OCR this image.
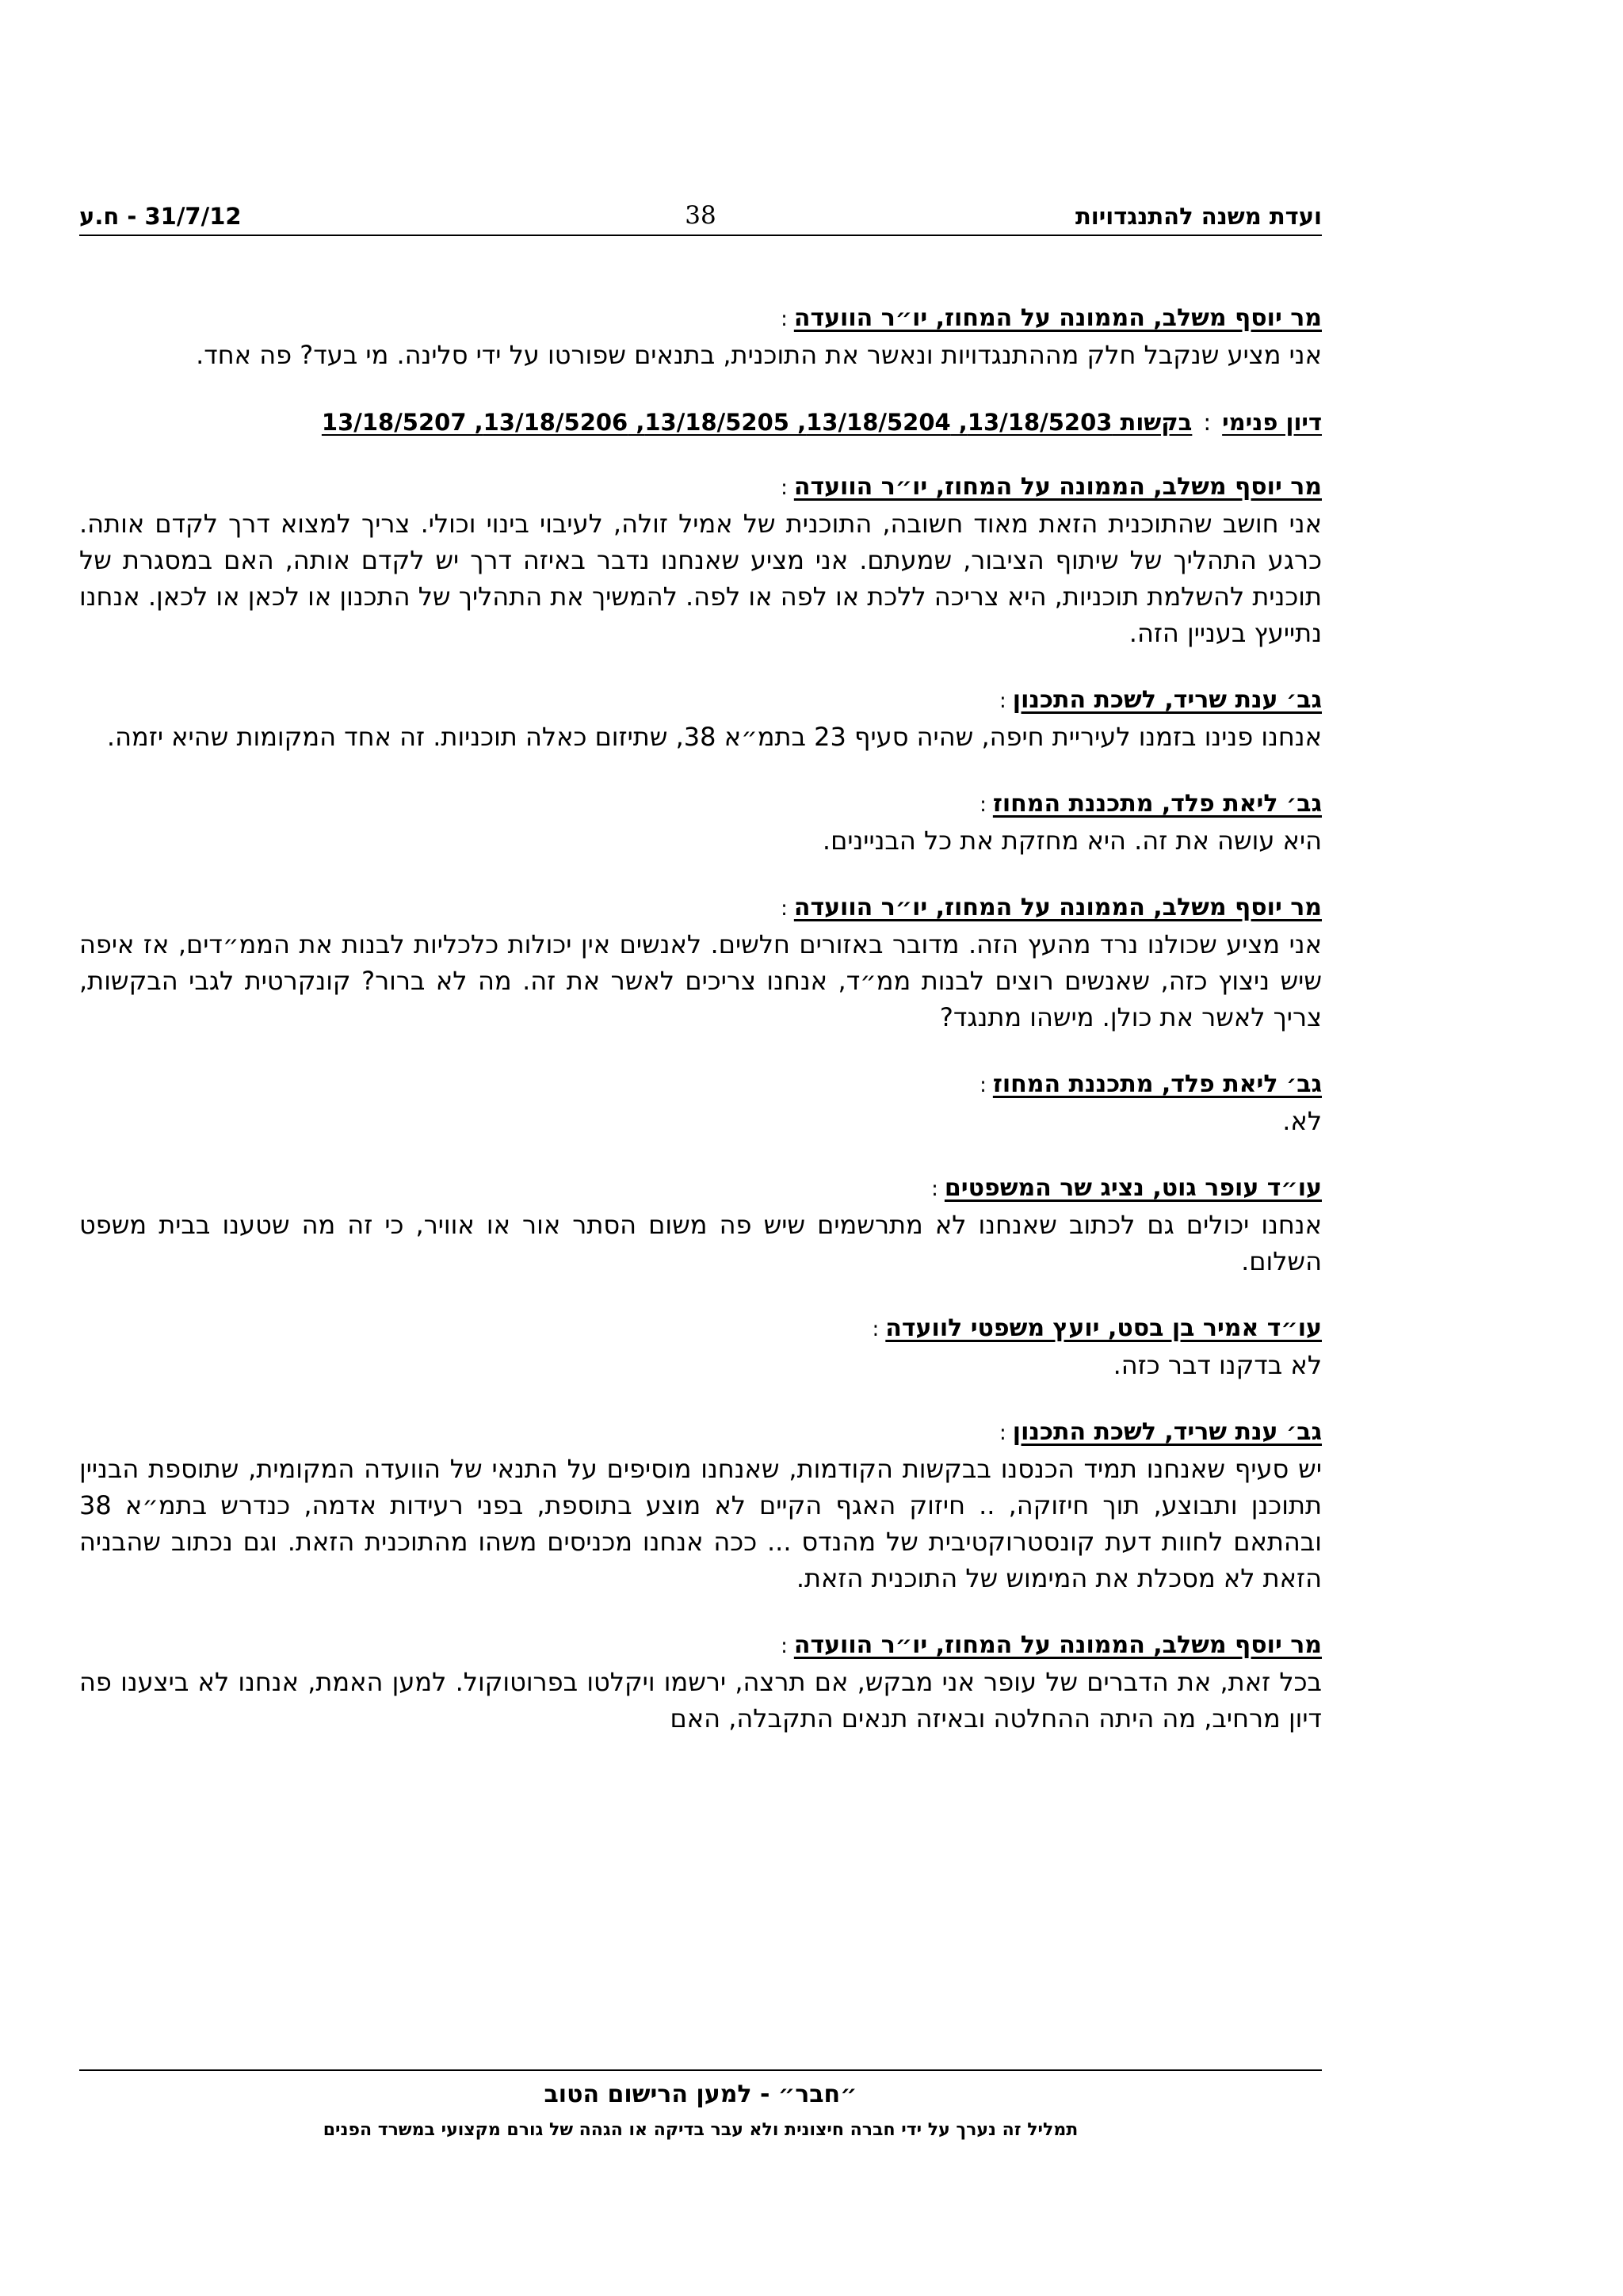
ועדת משנה להתנגדויות
38
31/7/12 - ח.ע
מר יוסף משלב, הממונה על המחוז, יו״ר הוועדה:
אני מציע שנקבל חלק מההתנגדויות ונאשר את התוכנית, בתנאים שפורטו על ידי סלינה. מי בעד? פה אחד.
דיון פנימי:בקשות 13/18/5203, 13/18/5204, 13/18/5205, 13/18/5206, 13/18/5207
מר יוסף משלב, הממונה על המחוז, יו״ר הוועדה:
אני חושב שהתוכנית הזאת מאוד חשובה, התוכנית של אמיל זולה, לעיבוי בינוי וכולי. צריך למצוא דרך לקדם אותה. כרגע התהליך של שיתוף הציבור, שמעתם. אני מציע שאנחנו נדבר באיזה דרך יש לקדם אותה, האם במסגרת של תוכנית להשלמת תוכניות, היא צריכה ללכת או לפה או לפה. להמשיך את התהליך של התכנון או לכאן או לכאן. אנחנו נתייעץ בעניין הזה.
גב׳ ענת שריד, לשכת התכנון:
אנחנו פנינו בזמנו לעיריית חיפה, שהיה סעיף 23 בתמ״א 38, שתיזום כאלה תוכניות. זה אחד המקומות שהיא יזמה.
גב׳ ליאת פלד, מתכננת המחוז:
היא עושה את זה. היא מחזקת את כל הבניינים.
מר יוסף משלב, הממונה על המחוז, יו״ר הוועדה:
אני מציע שכולנו נרד מהעץ הזה. מדובר באזורים חלשים. לאנשים אין יכולות כלכליות לבנות את הממ״דים, אז איפה שיש ניצוץ כזה, שאנשים רוצים לבנות ממ״ד, אנחנו צריכים לאשר את זה. מה לא ברור? קונקרטית לגבי הבקשות, צריך לאשר את כולן. מישהו מתנגד?
גב׳ ליאת פלד, מתכננת המחוז:
לא.
עו״ד עופר גוט, נציג שר המשפטים:
אנחנו יכולים גם לכתוב שאנחנו לא מתרשמים שיש פה משום הסתר אור או אוויר, כי זה מה שטענו בבית משפט השלום.
עו״ד אמיר בן בסט, יועץ משפטי לוועדה:
לא בדקנו דבר כזה.
גב׳ ענת שריד, לשכת התכנון:
יש סעיף שאנחנו תמיד הכנסנו בבקשות הקודמות, שאנחנו מוסיפים על התנאי של הוועדה המקומית, שתוספת הבניין תתוכנן ותבוצע, תוך חיזוקה, .. חיזוק האגף הקיים לא מוצע בתוספת, בפני רעידות אדמה, כנדרש בתמ״א 38 ובהתאם לחוות דעת קונסטרוקטיבית של מהנדס ... ככה אנחנו מכניסים משהו מהתוכנית הזאת. וגם נכתוב שהבניה הזאת לא מסכלת את המימוש של התוכנית הזאת.
מר יוסף משלב, הממונה על המחוז, יו״ר הוועדה:
בכל זאת, את הדברים של עופר אני מבקש, אם תרצה, ירשמו ויקלטו בפרוטוקול. למען האמת, אנחנו לא ביצענו פה דיון מרחיב, מה היתה ההחלטה ובאיזה תנאים התקבלה, האם
״חבר״ - למען הרישום הטוב
תמליל זה נערך על ידי חברה חיצונית ולא עבר בדיקה או הגהה של גורם מקצועי במשרד הפנים
